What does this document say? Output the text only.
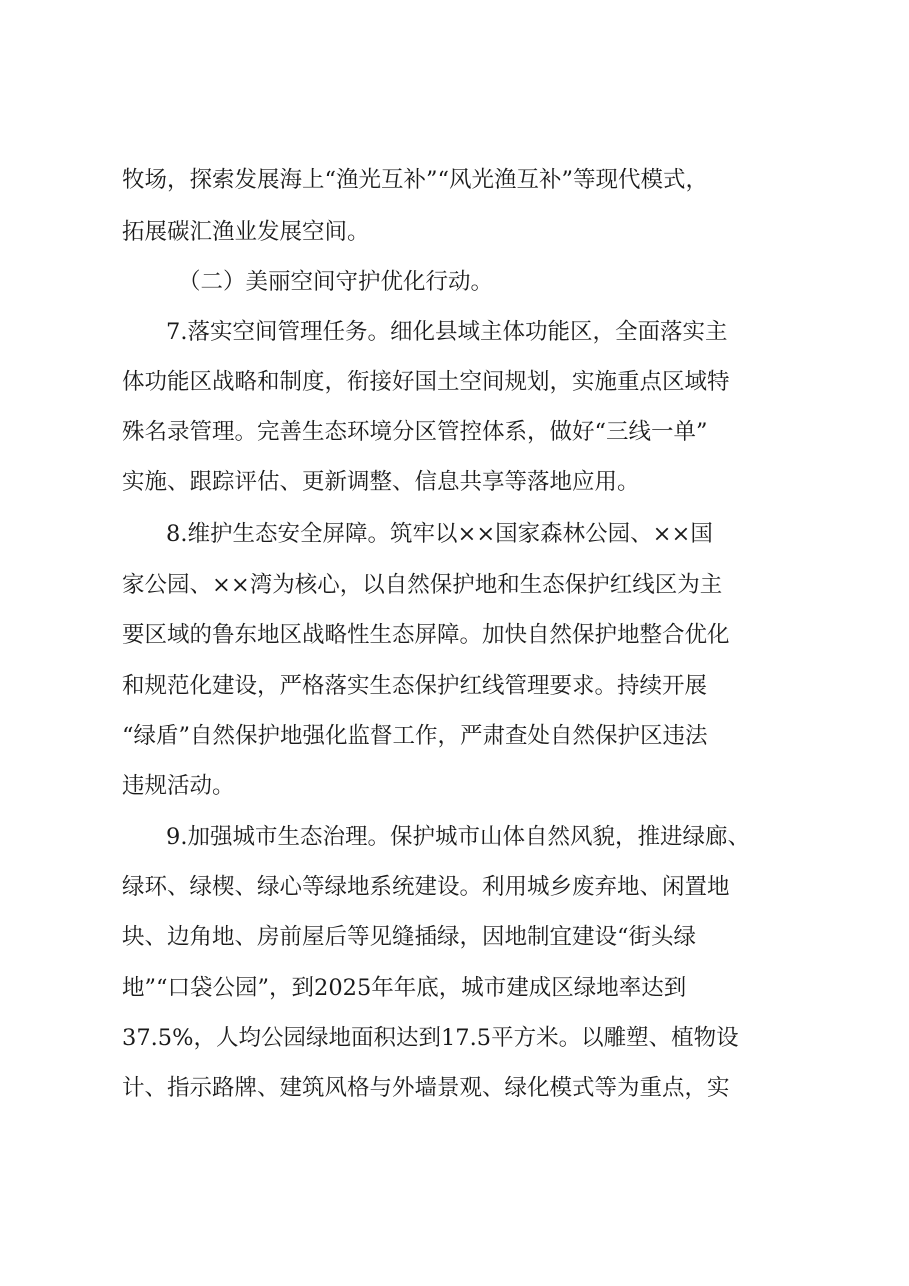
牧场，探索发展海上“渔光互补”“风光渔互补”等现代模式，
拓展碳汇渔业发展空间。
（二）美丽空间守护优化行动。
7.落实空间管理任务。细化县域主体功能区，全面落实主
体功能区战略和制度，衔接好国土空间规划，实施重点区域特
殊名录管理。完善生态环境分区管控体系，做好“三线一单”
实施、跟踪评估、更新调整、信息共享等落地应用。
8.维护生态安全屏障。筑牢以××国家森林公园、××国
家公园、××湾为核心，以自然保护地和生态保护红线区为主
要区域的鲁东地区战略性生态屏障。加快自然保护地整合优化
和规范化建设，严格落实生态保护红线管理要求。持续开展
“绿盾”自然保护地强化监督工作，严肃查处自然保护区违法
违规活动。
9.加强城市生态治理。保护城市山体自然风貌，推进绿廊、
绿环、绿楔、绿心等绿地系统建设。利用城乡废弃地、闲置地
块、边角地、房前屋后等见缝插绿，因地制宜建设“街头绿
地”“口袋公园”，到2025年年底，城市建成区绿地率达到
37.5%，人均公园绿地面积达到17.5平方米。以雕塑、植物设
计、指示路牌、建筑风格与外墙景观、绿化模式等为重点，实
